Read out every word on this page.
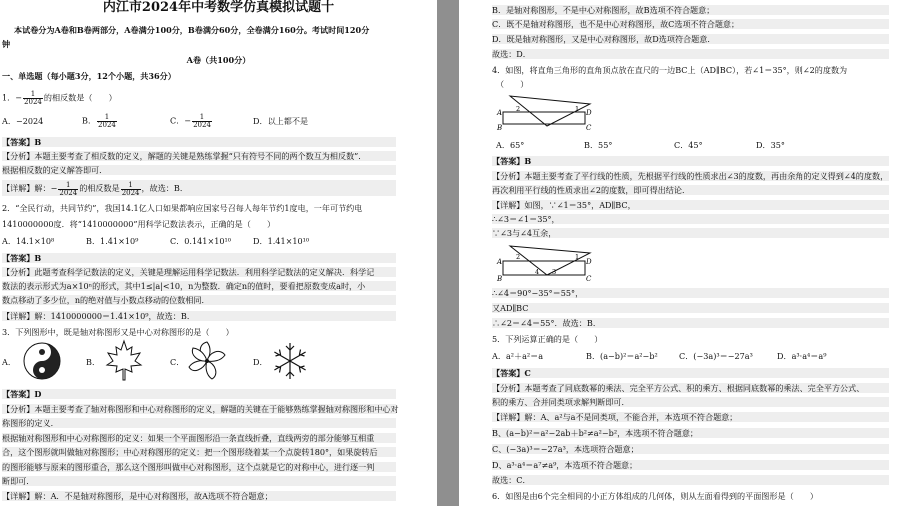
内江市2024年中考数学仿真模拟试题十
本试卷分为A卷和B卷两部分，A卷满分100分，B卷满分60分，全卷满分160分。考试时间120分
钟
A卷（共100分）
一、单选题（每小题3分，12个小题，共36分）
1．− $\frac{1}{2024}$ 的相反数是（　　）
A．−2024	B． $\frac{1}{2024}$	C．− $\frac{1}{2024}$	D．以上都不是
【答案】B
【分析】本题主要考查了相反数的定义，解题的关键是熟练掌握“只有符号不同的两个数互为相反数”．
根据相反数的定义解答即可．
【详解】解：− $\frac{1}{2024}$ 的相反数是 $\frac{1}{2024}$ ，故选：B．
2．“全民行动，共同节约”，我国14.1亿人口如果都响应国家号召每人每年节约1度电，一年可节约电
1410000000度．将“1410000000”用科学记数法表示，正确的是（　　）
A．14.1×10⁸	B．1.41×10⁹	C．0.141×10¹⁰	D．1.41×10¹⁰
【答案】B
【分析】此题考查科学记数法的定义，关键是理解运用科学记数法．利用科学记数法的定义解决．科学记
数法的表示形式为a×10ⁿ的形式，其中1≤|a|<10，n为整数．确定n的值时，要看把原数变成a时，小
数点移动了多少位，n的绝对值与小数点移动的位数相同．
【详解】解：1410000000＝1.41×10⁹，故选：B．
3．下列图形中，既是轴对称图形又是中心对称图形的是（　　）
A．	B．	C．	D．
【答案】D
【分析】本题主要考查了轴对称图形和中心对称图形的定义，解题的关键在于能够熟练掌握轴对称图形和中心对
称图形的定义．
根据轴对称图形和中心对称图形的定义：如果一个平面图形沿一条直线折叠，直线两旁的部分能够互相重
合，这个图形就叫做轴对称图形；中心对称图形的定义：把一个图形绕着某一个点旋转180°，如果旋转后
的图形能够与原来的图形重合，那么这个图形叫做中心对称图形，这个点就是它的对称中心，进行逐一判
断即可．
【详解】解：A．不是轴对称图形，是中心对称图形，故A选项不符合题意；
B．是轴对称图形，不是中心对称图形，故B选项不符合题意；
C．既不是轴对称图形，也不是中心对称图形，故C选项不符合题意；
D．既是轴对称图形，又是中心对称图形，故D选项符合题意．
故选：D．
4．如图，将直角三角形的直角顶点放在直尺的一边BC上（AD∥BC），若∠1＝35°，则∠2的度数为
（　　）
A
B
D
C
2	1
A．65°	B．55°	C．45°	D．35°
【答案】B
【分析】本题主要考查了平行线的性质，先根据平行线的性质求出∠3的度数，再由余角的定义得到∠4的度数，
再次利用平行线的性质求出∠2的度数，即可得出结论．
【详解】如图，∵∠1＝35°，AD∥BC，
∴∠3＝∠1＝35°，
∵∠3与∠4互余，
A
B
D
C
2	1
4 3
∴∠4＝90°−35°＝55°，
又AD∥BC
∴∠2＝∠4＝55°．故选：B．
5．下列运算正确的是（　　）
A．a²＋a²＝a	B．(a−b)²＝a²−b²	C．(−3a)³＝−27a³	D．a³·a⁴＝a⁹
【答案】C
【分析】本题考查了同底数幂的乘法、完全平方公式、积的乘方、根据同底数幂的乘法、完全平方公式、
积的乘方、合并同类项求解判断即可．
【详解】解：A、a²与a不是同类项，不能合并，本选项不符合题意；
B、(a−b)²＝a²−2ab＋b²≠a²−b²，本选项不符合题意；
C、(−3a)³＝−27a³，本选项符合题意；
D、a³·a⁴＝a⁷≠a⁹，本选项不符合题意；
故选：C．
6．如图是由6个完全相同的小正方体组成的几何体，则从左面看得到的平面图形是（　　）
